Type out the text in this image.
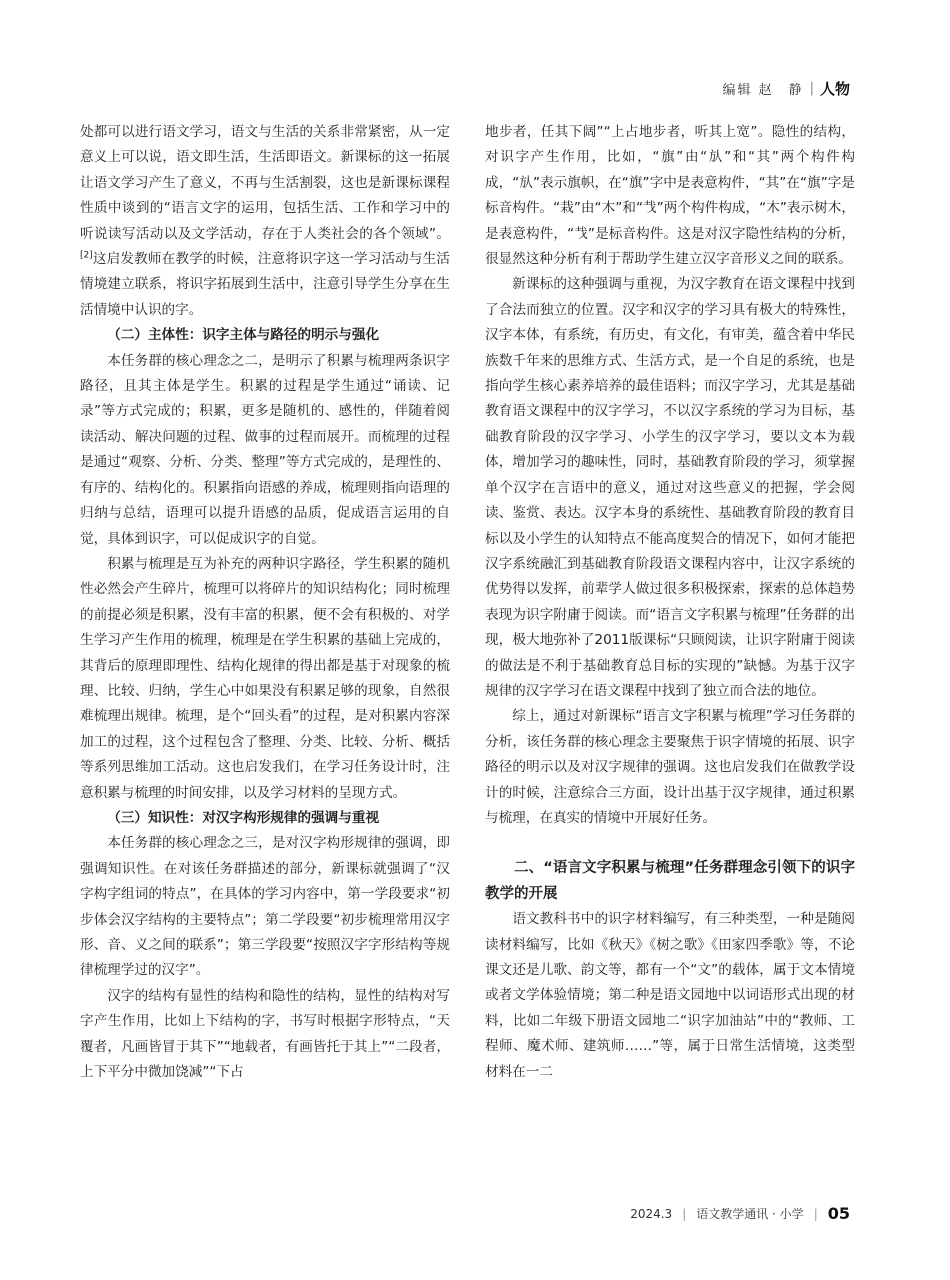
编辑 赵　静 | 人物

处都可以进行语文学习，语文与生活的关系非常紧密，从一定意义上可以说，语文即生活，生活即语文。新课标的这一拓展让语文学习产生了意义，不再与生活割裂，这也是新课标课程性质中谈到的“语言文字的运用，包括生活、工作和学习中的听说读写活动以及文学活动，存在于人类社会的各个领域”。[2]这启发教师在教学的时候，注意将识字这一学习活动与生活情境建立联系，将识字拓展到生活中，注意引导学生分享在生活情境中认识的字。

（二）主体性：识字主体与路径的明示与强化

本任务群的核心理念之二，是明示了积累与梳理两条识字路径，且其主体是学生。积累的过程是学生通过“诵读、记录”等方式完成的；积累，更多是随机的、感性的，伴随着阅读活动、解决问题的过程、做事的过程而展开。而梳理的过程是通过“观察、分析、分类、整理”等方式完成的，是理性的、有序的、结构化的。积累指向语感的养成，梳理则指向语理的归纳与总结，语理可以提升语感的品质，促成语言运用的自觉，具体到识字，可以促成识字的自觉。

积累与梳理是互为补充的两种识字路径，学生积累的随机性必然会产生碎片，梳理可以将碎片的知识结构化；同时梳理的前提必须是积累，没有丰富的积累，便不会有积极的、对学生学习产生作用的梳理，梳理是在学生积累的基础上完成的，其背后的原理即理性、结构化规律的得出都是基于对现象的梳理、比较、归纳，学生心中如果没有积累足够的现象，自然很难梳理出规律。梳理，是个“回头看”的过程，是对积累内容深加工的过程，这个过程包含了整理、分类、比较、分析、概括等系列思维加工活动。这也启发我们，在学习任务设计时，注意积累与梳理的时间安排，以及学习材料的呈现方式。

（三）知识性：对汉字构形规律的强调与重视

本任务群的核心理念之三，是对汉字构形规律的强调，即强调知识性。在对该任务群描述的部分，新课标就强调了“汉字构字组词的特点”，在具体的学习内容中，第一学段要求“初步体会汉字结构的主要特点”；第二学段要“初步梳理常用汉字形、音、义之间的联系”；第三学段要“按照汉字字形结构等规律梳理学过的汉字”。

汉字的结构有显性的结构和隐性的结构，显性的结构对写字产生作用，比如上下结构的字，书写时根据字形特点，“天覆者，凡画皆冒于其下”“地载者，有画皆托于其上”“二段者，上下平分中微加饶减”“下占

地步者，任其下阔”“上占地步者，听其上宽”。隐性的结构，对识字产生作用，比如，“旗”由“㫃”和“其”两个构件构成，“㫃”表示旗帜，在“旗”字中是表意构件，“其”在“旗”字是标音构件。“栽”由“木”和“𢦏”两个构件构成，“木”表示树木，是表意构件，“𢦏”是标音构件。这是对汉字隐性结构的分析，很显然这种分析有利于帮助学生建立汉字音形义之间的联系。

新课标的这种强调与重视，为汉字教育在语文课程中找到了合法而独立的位置。汉字和汉字的学习具有极大的特殊性，汉字本体，有系统，有历史，有文化，有审美，蕴含着中华民族数千年来的思维方式、生活方式，是一个自足的系统，也是指向学生核心素养培养的最佳语料；而汉字学习，尤其是基础教育语文课程中的汉字学习，不以汉字系统的学习为目标，基础教育阶段的汉字学习、小学生的汉字学习，要以文本为载体，增加学习的趣味性，同时，基础教育阶段的学习，须掌握单个汉字在言语中的意义，通过对这些意义的把握，学会阅读、鉴赏、表达。汉字本身的系统性、基础教育阶段的教育目标以及小学生的认知特点不能高度契合的情况下，如何才能把汉字系统融汇到基础教育阶段语文课程内容中，让汉字系统的优势得以发挥，前辈学人做过很多积极探索，探索的总体趋势表现为识字附庸于阅读。而“语言文字积累与梳理”任务群的出现，极大地弥补了2011版课标“只顾阅读，让识字附庸于阅读的做法是不利于基础教育总目标的实现的”缺憾。为基于汉字规律的汉字学习在语文课程中找到了独立而合法的地位。

综上，通过对新课标“语言文字积累与梳理”学习任务群的分析，该任务群的核心理念主要聚焦于识字情境的拓展、识字路径的明示以及对汉字规律的强调。这也启发我们在做教学设计的时候，注意综合三方面，设计出基于汉字规律，通过积累与梳理，在真实的情境中开展好任务。

二、“语言文字积累与梳理”任务群理念引领下的识字教学的开展

语文教科书中的识字材料编写，有三种类型，一种是随阅读材料编写，比如《秋天》《树之歌》《田家四季歌》等，不论课文还是儿歌、韵文等，都有一个“文”的载体，属于文本情境或者文学体验情境；第二种是语文园地中以词语形式出现的材料，比如二年级下册语文园地二“识字加油站”中的“教师、工程师、魔术师、建筑师……”等，属于日常生活情境，这类型材料在一二

2024.3 | 语文教学通讯 · 小学 | 05
